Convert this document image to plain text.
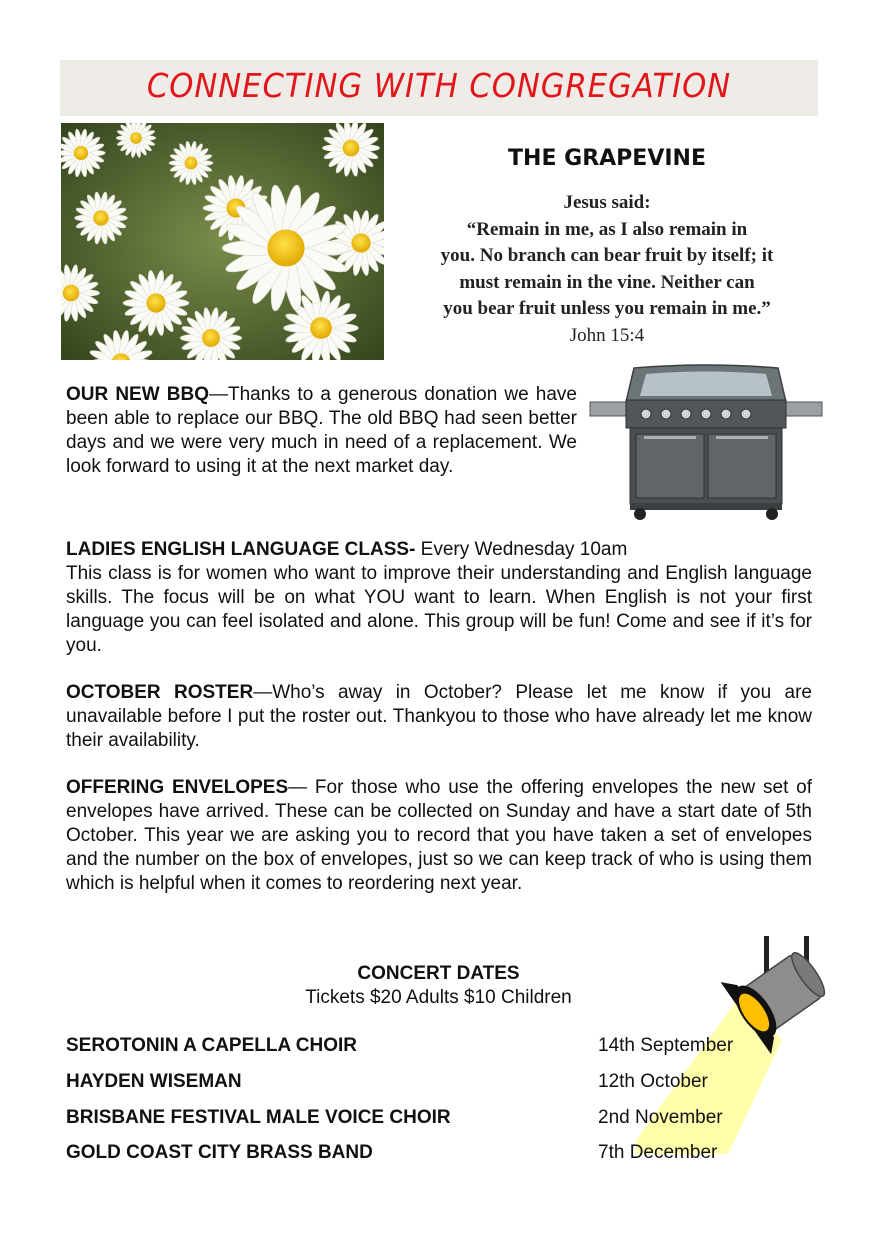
CONNECTING WITH CONGREGATION
THE GRAPEVINE
Jesus said:
“Remain in me, as I also remain in
you. No branch can bear fruit by itself; it
must remain in the vine. Neither can
you bear fruit unless you remain in me.”
John 15:4
OUR NEW BBQ—Thanks to a generous donation we have been able to replace our BBQ. The old BBQ had seen better days and we were very much in need of a replacement. We look forward to using it at the next market day.
LADIES ENGLISH LANGUAGE CLASS- Every Wednesday 10am
This class is for women who want to improve their understanding and English language skills. The focus will be on what YOU want to learn. When English is not your first language you can feel isolated and alone. This group will be fun! Come and see if it’s for you.
OCTOBER ROSTER—Who’s away in October? Please let me know if you are unavailable before I put the roster out. Thankyou to those who have already let me know their availability.
OFFERING ENVELOPES— For those who use the offering envelopes the new set of envelopes have arrived. These can be collected on Sunday and have a start date of 5th October. This year we are asking you to record that you have taken a set of envelopes and the number on the box of envelopes, just so we can keep track of who is using them which is helpful when it comes to reordering next year.
CONCERT DATES
Tickets $20 Adults $10 Children
SEROTONIN A CAPELLA CHOIR	14th September
HAYDEN WISEMAN	12th October
BRISBANE FESTIVAL MALE VOICE CHOIR	2nd November
GOLD COAST CITY BRASS BAND	7th December
